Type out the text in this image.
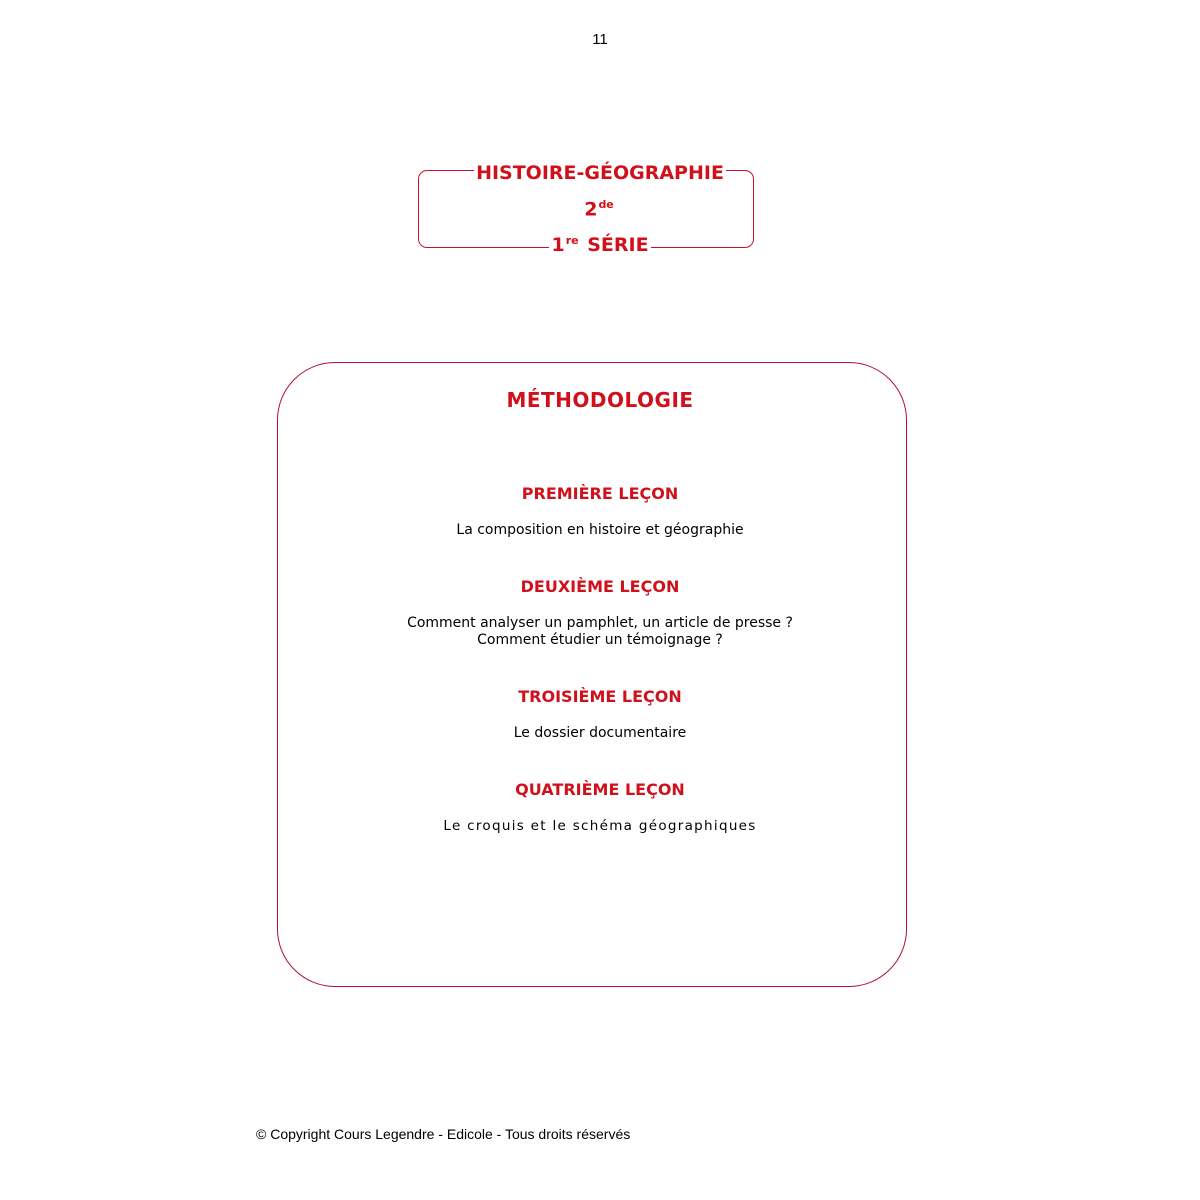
11
HISTOIRE-GÉOGRAPHIE
2de
1re SÉRIE
MÉTHODOLOGIE
PREMIÈRE LEÇON
La composition en histoire et géographie
DEUXIÈME LEÇON
Comment analyser un pamphlet, un article de presse ?
Comment étudier un témoignage ?
TROISIÈME LEÇON
Le dossier documentaire
QUATRIÈME LEÇON
Le croquis et le schéma géographiques
© Copyright Cours Legendre - Edicole - Tous droits réservés
